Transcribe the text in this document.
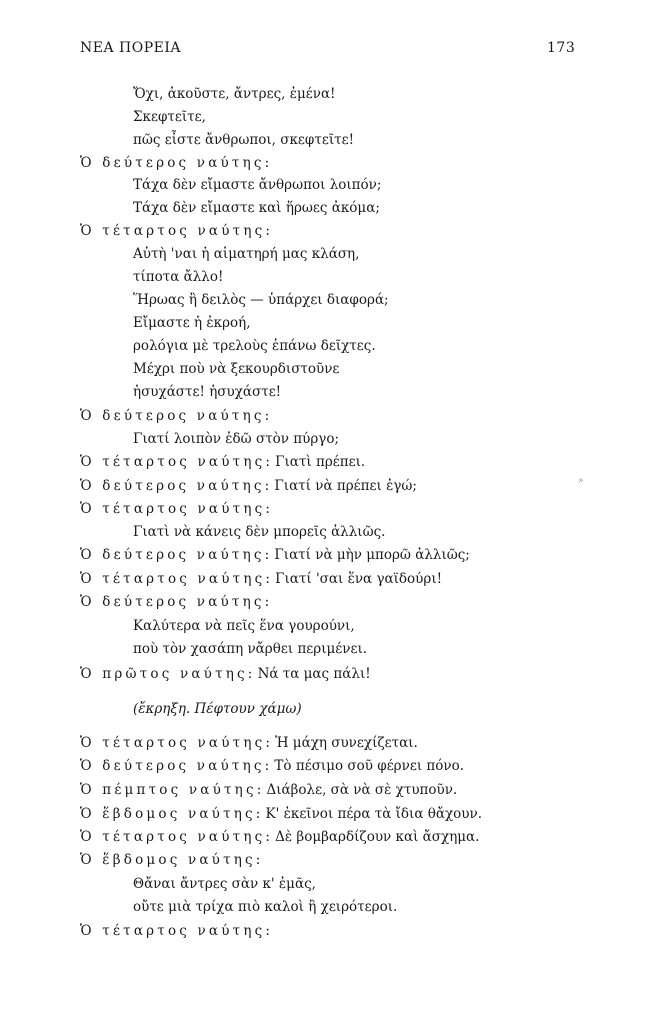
ΝΕΑ ΠΟΡΕΙΑ	173
Ὄχι, ἀκοῦστε, ἄντρες, ἐμένα!
Σκεφτεῖτε,
πῶς εἶστε ἄνθρωποι, σκεφτεῖτε!
Ὁ δεύτερος ναύτης:
Τάχα δὲν εἴμαστε ἄνθρωποι λοιπόν;
Τάχα δὲν εἴμαστε καὶ ἥρωες ἀκόμα;
Ὁ τέταρτος ναύτης:
Αὐτὴ 'ναι ἡ αἱματηρή μας κλάση,
τίποτα ἄλλο!
Ἥρωας ἢ δειλὸς — ὑπάρχει διαφορά;
Εἴμαστε ἡ ἐκροή,
ρολόγια μὲ τρελοὺς ἐπάνω δεῖχτες.
Μέχρι ποὺ νὰ ξεκουρδιστοῦνε
ἡσυχάστε! ἡσυχάστε!
Ὁ δεύτερος ναύτης:
Γιατί λοιπὸν ἐδῶ στὸν πύργο;
Ὁ τέταρτος ναύτης: Γιατὶ πρέπει.
Ὁ δεύτερος ναύτης: Γιατί νὰ πρέπει ἐγώ;
Ὁ τέταρτος ναύτης:
Γιατὶ νὰ κάνεις δὲν μπορεῖς ἀλλιῶς.
Ὁ δεύτερος ναύτης: Γιατί νὰ μὴν μπορῶ ἀλλιῶς;
Ὁ τέταρτος ναύτης: Γιατί 'σαι ἕνα γαϊδούρι!
Ὁ δεύτερος ναύτης:
Καλύτερα νὰ πεῖς ἕνα γουρούνι,
ποὺ τὸν χασάπη νἄρθει περιμένει.
Ὁ πρῶτος ναύτης: Νά τα μας πάλι!
(ἔκρηξη. Πέφτουν χάμω)
Ὁ τέταρτος ναύτης: Ἡ μάχη συνεχίζεται.
Ὁ δεύτερος ναύτης: Τὸ πέσιμο σοῦ φέρνει πόνο.
Ὁ πέμπτος ναύτης: Διάβολε, σὰ νὰ σὲ χτυποῦν.
Ὁ ἕβδομος ναύτης: Κ' ἐκεῖνοι πέρα τὰ ἴδια θἄχουν.
Ὁ τέταρτος ναύτης: Δὲ βομβαρδίζουν καὶ ἄσχημα.
Ὁ ἕβδομος ναύτης:
Θἄναι ἄντρες σὰν κ' ἐμᾶς,
οὔτε μιὰ τρίχα πιὸ καλοὶ ἢ χειρότεροι.
Ὁ τέταρτος ναύτης:
»
